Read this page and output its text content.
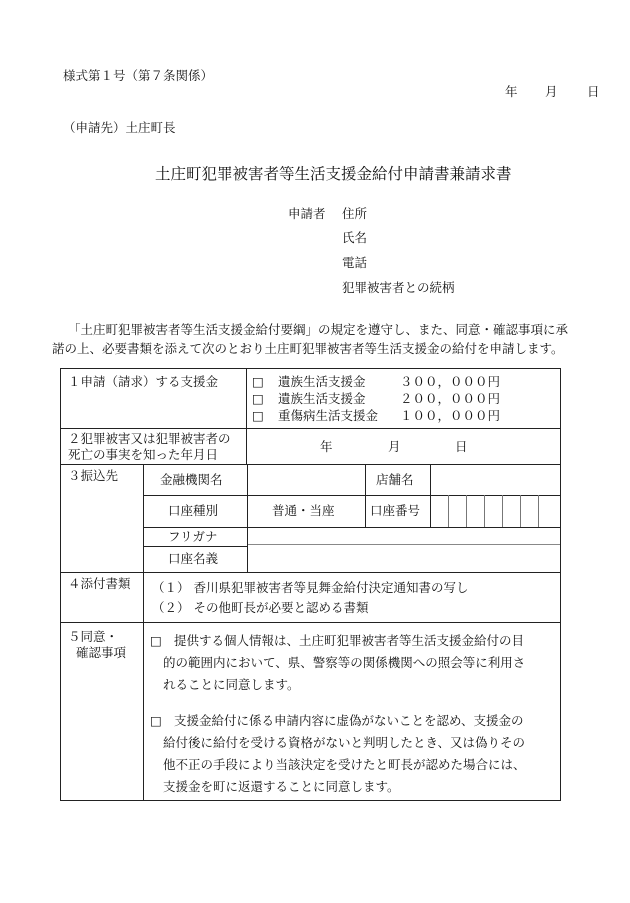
様式第１号（第７条関係）
年 月 日
（申請先）土庄町長
土庄町犯罪被害者等生活支援金給付申請書兼請求書
申請者 住所
氏名
電話
犯罪被害者との続柄
「土庄町犯罪被害者等生活支援金給付要綱」の規定を遵守し、また、同意・確認事項に承
諾の上、必要書類を添えて次のとおり土庄町犯罪被害者等生活支援金の給付を申請します。
１申請（請求）する支援金	□ 遺族生活支援金	３００，０００円
□ 遺族生活支援金	２００，０００円
□ 重傷病生活支援金 １００，０００円
２犯罪被害又は犯罪被害者の
死亡の事実を知った年月日
年	月	日
３振込先	金融機関名	店舗名
口座種別	普通・当座	口座番号
フリガナ
口座名義
４添付書類 （１） 香川県犯罪被害者等見舞金給付決定通知書の写し
（２） その他町長が必要と認める書類
５同意・
確認事項
□ 提供する個人情報は、土庄町犯罪被害者等生活支援金給付の目
的の範囲内において、県、警察等の関係機関への照会等に利用さ
れることに同意します。
□ 支援金給付に係る申請内容に虚偽がないことを認め、支援金の
給付後に給付を受ける資格がないと判明したとき、又は偽りその
他不正の手段により当該決定を受けたと町長が認めた場合には、
支援金を町に返還することに同意します。
